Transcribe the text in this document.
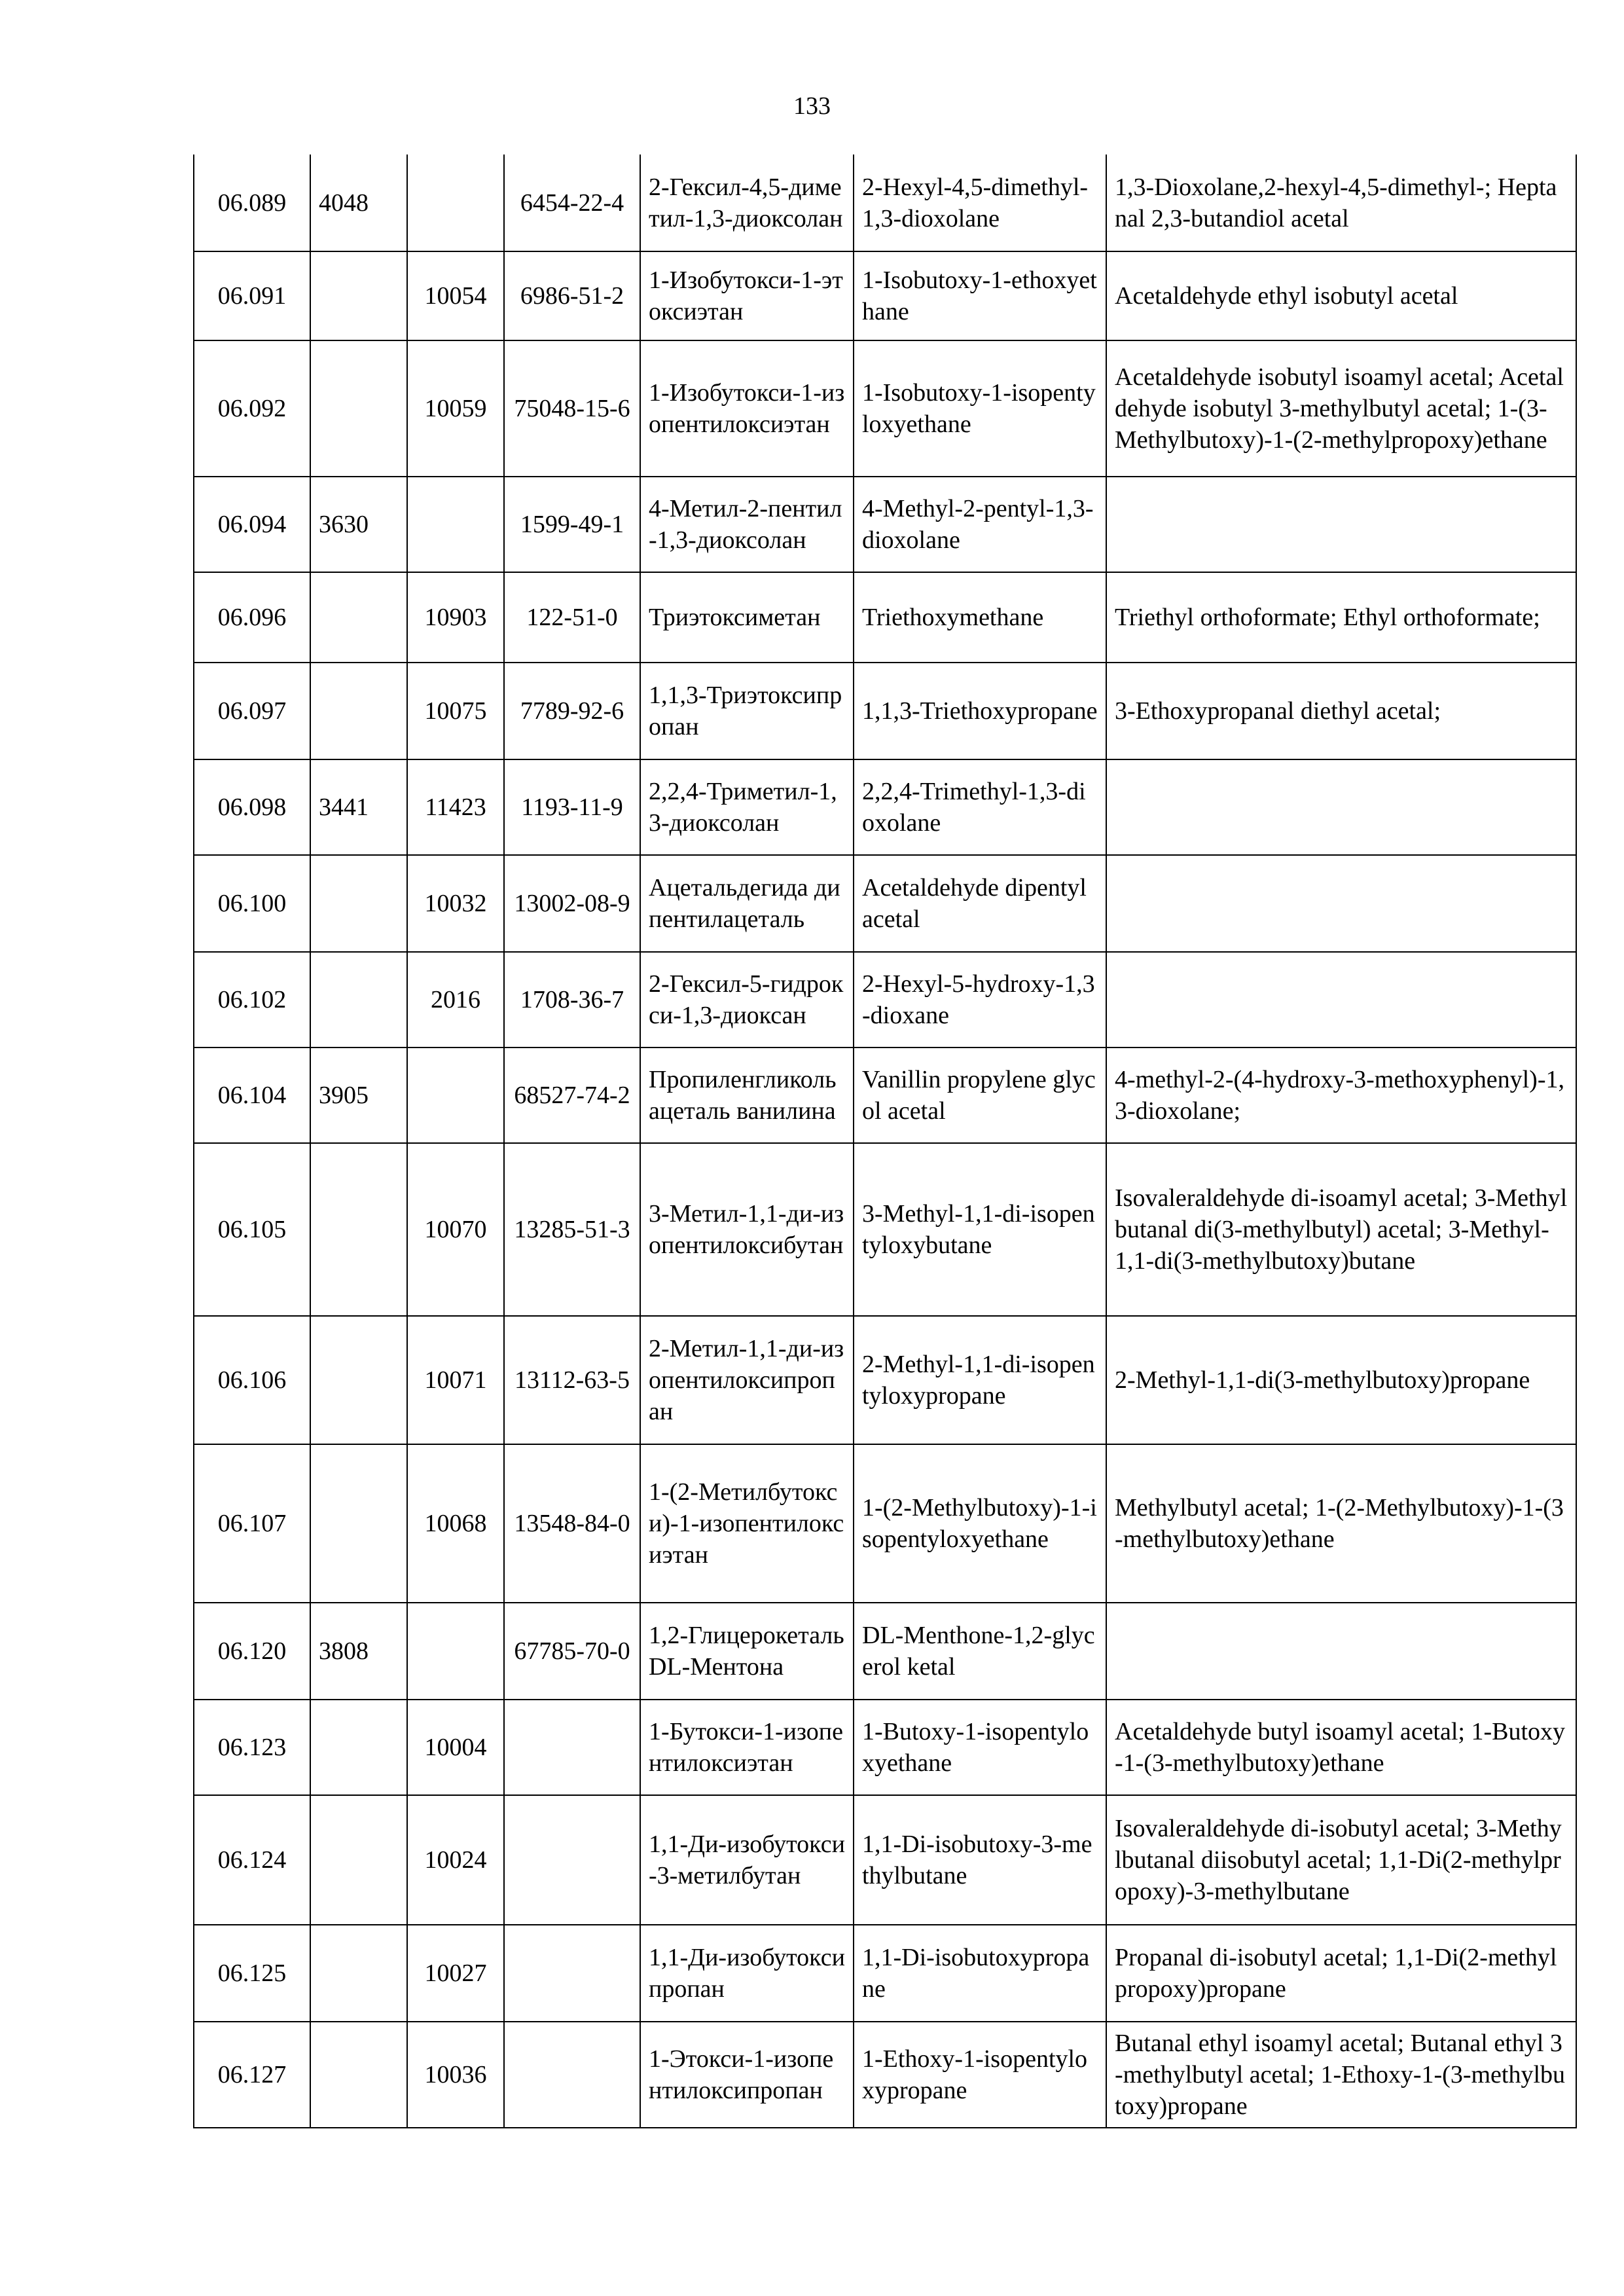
133
06.089	4048		6454-22-4	2-Гексил-4,5-диметил-1,3-диоксолан	2-Hexyl-4,5-dimethyl-1,3-dioxolane	1,3-Dioxolane,2-hexyl-4,5-dimethyl-; Heptanal 2,3-butandiol acetal
06.091		10054	6986-51-2	1-Изобутокси-1-этоксиэтан	1-Isobutoxy-1-ethoxyethane	Acetaldehyde ethyl isobutyl acetal
06.092		10059	75048-15-6	1-Изобутокси-1-изопентилоксиэтан	1-Isobutoxy-1-isopentyloxyethane	Acetaldehyde isobutyl isoamyl acetal; Acetaldehyde isobutyl 3-methylbutyl acetal; 1-(3-Methylbutoxy)-1-(2-methylpropoxy)ethane
06.094	3630		1599-49-1	4-Метил-2-пентил-1,3-диоксолан	4-Methyl-2-pentyl-1,3-dioxolane	
06.096		10903	122-51-0	Триэтоксиметан	Triethoxymethane	Triethyl orthoformate; Ethyl orthoformate;
06.097		10075	7789-92-6	1,1,3-Триэтоксипропан	1,1,3-Triethoxypropane	3-Ethoxypropanal diethyl acetal;
06.098	3441	11423	1193-11-9	2,2,4-Триметил-1,3-диоксолан	2,2,4-Trimethyl-1,3-dioxolane	
06.100		10032	13002-08-9	Ацетальдегида дипентилацеталь	Acetaldehyde dipentyl acetal	
06.102		2016	1708-36-7	2-Гексил-5-гидрокси-1,3-диоксан	2-Hexyl-5-hydroxy-1,3-dioxane	
06.104	3905		68527-74-2	Пропиленгликольацеталь ванилина	Vanillin propylene glycol acetal	4-methyl-2-(4-hydroxy-3-methoxyphenyl)-1,3-dioxolane;
06.105		10070	13285-51-3	3-Метил-1,1-ди-изопентилоксибутан	3-Methyl-1,1-di-isopentyloxybutane	Isovaleraldehyde di-isoamyl acetal; 3-Methylbutanal di(3-methylbutyl) acetal; 3-Methyl-1,1-di(3-methylbutoxy)butane
06.106		10071	13112-63-5	2-Метил-1,1-ди-изопентилоксипропан	2-Methyl-1,1-di-isopentyloxypropane	2-Methyl-1,1-di(3-methylbutoxy)propane
06.107		10068	13548-84-0	1-(2-Метилбутокси)-1-изопентилоксиэтан	1-(2-Methylbutoxy)-1-isopentyloxyethane	Methylbutyl acetal; 1-(2-Methylbutoxy)-1-(3-methylbutoxy)ethane
06.120	3808		67785-70-0	1,2-Глицерокеталь DL-Ментона	DL-Menthone-1,2-glycerol ketal	
06.123		10004		1-Бутокси-1-изопентилоксиэтан	1-Butoxy-1-isopentyloxyethane	Acetaldehyde butyl isoamyl acetal; 1-Butoxy-1-(3-methylbutoxy)ethane
06.124		10024		1,1-Ди-изобутокси-3-метилбутан	1,1-Di-isobutoxy-3-methylbutane	Isovaleraldehyde di-isobutyl acetal; 3-Methylbutanal diisobutyl acetal; 1,1-Di(2-methylpropoxy)-3-methylbutane
06.125		10027		1,1-Ди-изобутоксипропан	1,1-Di-isobutoxypropane	Propanal di-isobutyl acetal; 1,1-Di(2-methylpropoxy)propane
06.127		10036		1-Этокси-1-изопентилоксипропан	1-Ethoxy-1-isopentyloxypropane	Butanal ethyl isoamyl acetal; Butanal ethyl 3-methylbutyl acetal; 1-Ethoxy-1-(3-methylbutoxy)propane
